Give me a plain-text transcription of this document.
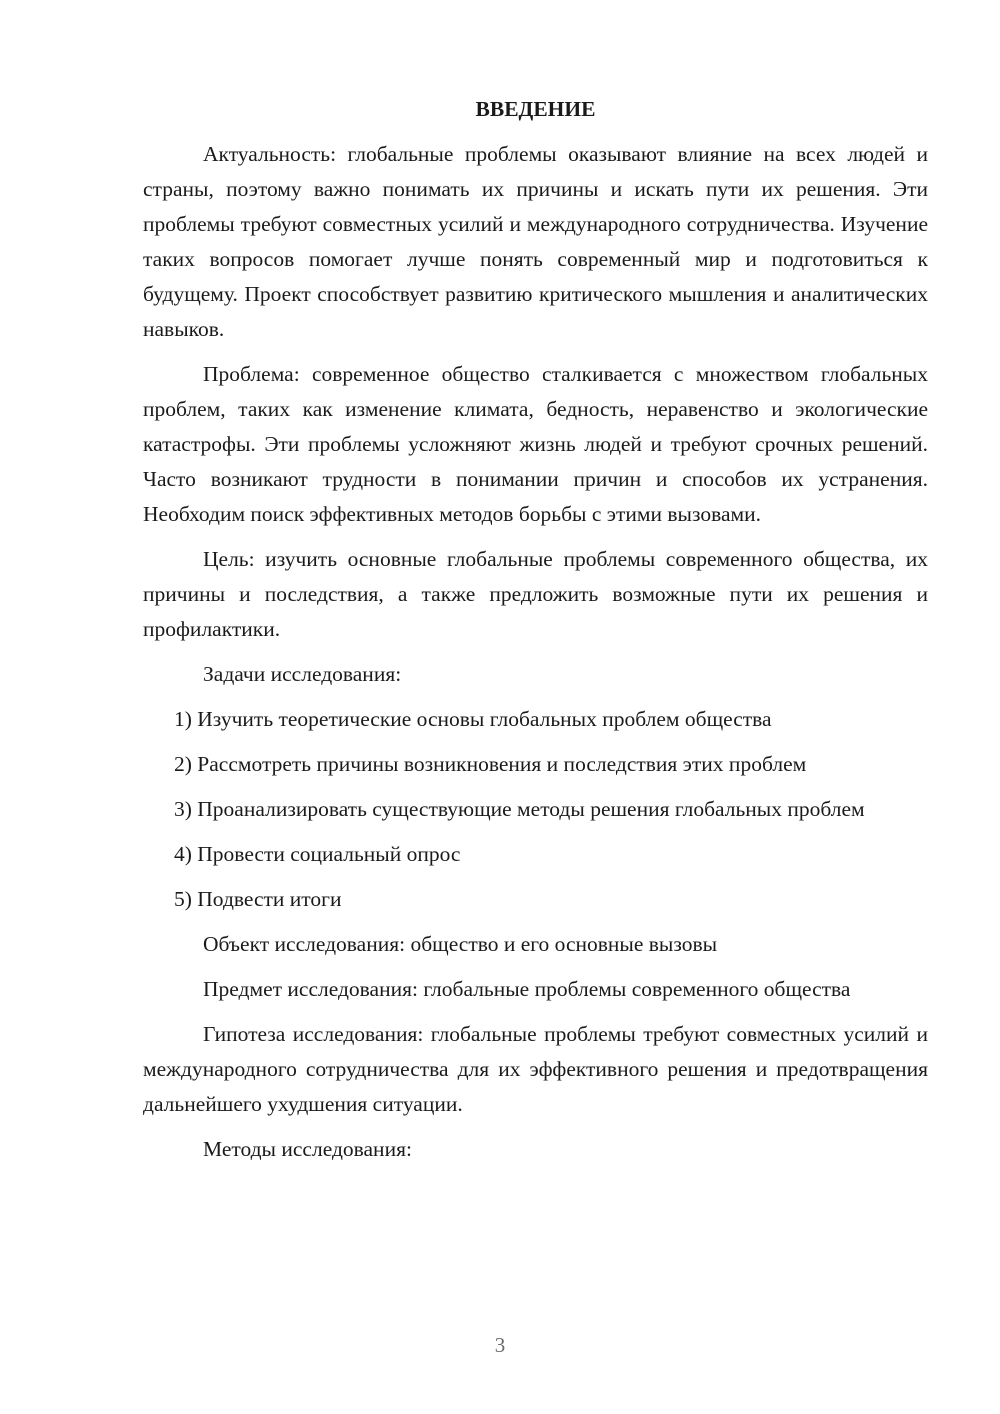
ВВЕДЕНИЕ

Актуальность: глобальные проблемы оказывают влияние на всех людей и страны, поэтому важно понимать их причины и искать пути их решения. Эти проблемы требуют совместных усилий и международного сотрудничества. Изучение таких вопросов помогает лучше понять современный мир и подготовиться к будущему. Проект способствует развитию критического мышления и аналитических навыков.

Проблема: современное общество сталкивается с множеством глобальных проблем, таких как изменение климата, бедность, неравенство и экологические катастрофы. Эти проблемы усложняют жизнь людей и требуют срочных решений. Часто возникают трудности в понимании причин и способов их устранения. Необходим поиск эффективных методов борьбы с этими вызовами.

Цель: изучить основные глобальные проблемы современного общества, их причины и последствия, а также предложить возможные пути их решения и профилактики.

Задачи исследования:

1) Изучить теоретические основы глобальных проблем общества

2) Рассмотреть причины возникновения и последствия этих проблем

3) Проанализировать существующие методы решения глобальных проблем

4) Провести социальный опрос

5) Подвести итоги

Объект исследования: общество и его основные вызовы

Предмет исследования: глобальные проблемы современного общества

Гипотеза исследования: глобальные проблемы требуют совместных усилий и международного сотрудничества для их эффективного решения и предотвращения дальнейшего ухудшения ситуации.

Методы исследования:

3
